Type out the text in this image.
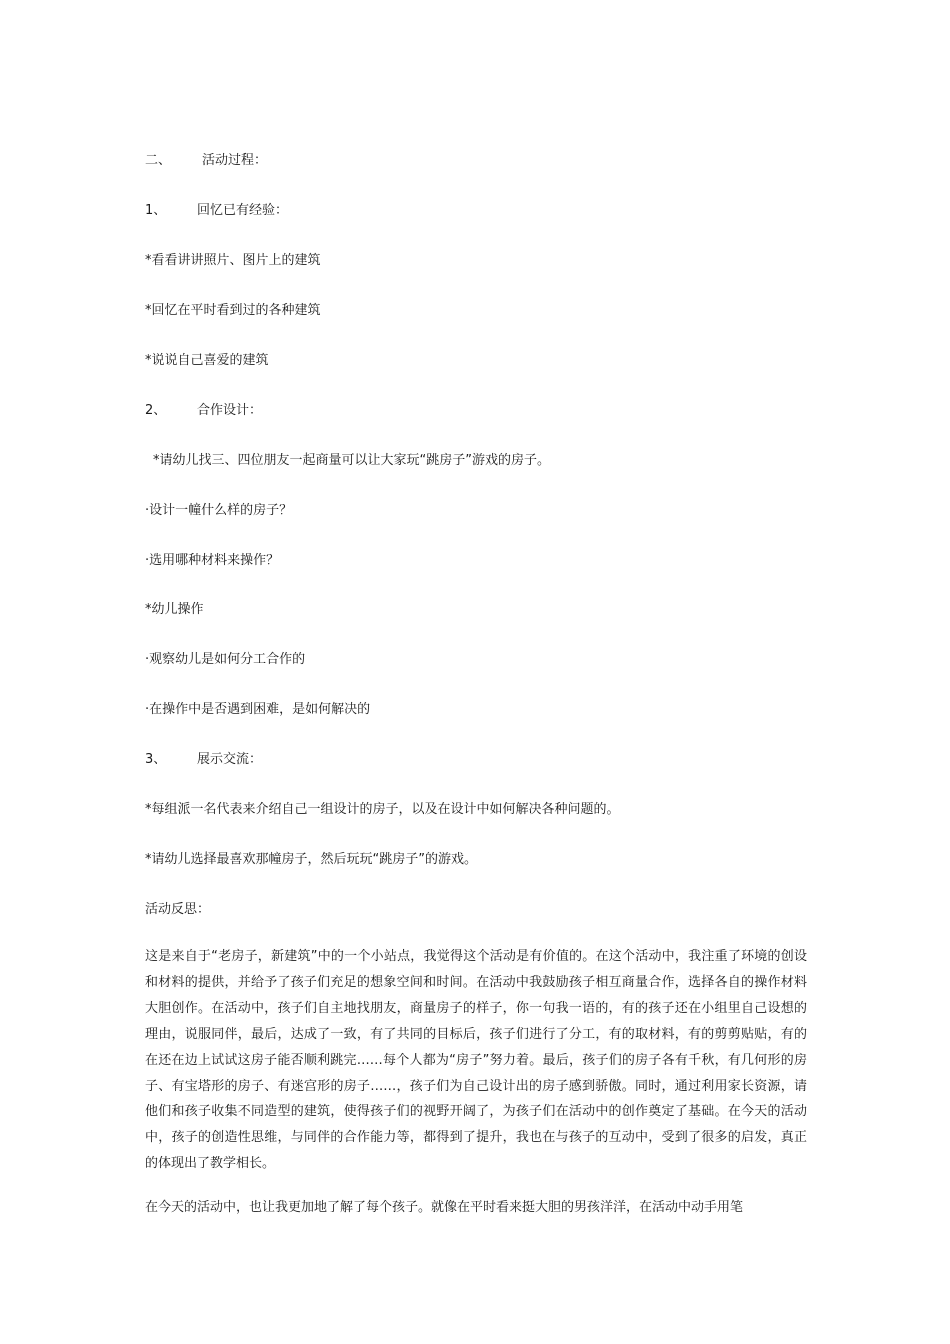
二、 活动过程：
1、 回忆已有经验：
*看看讲讲照片、图片上的建筑
*回忆在平时看到过的各种建筑
*说说自己喜爱的建筑
2、 合作设计：
*请幼儿找三、四位朋友一起商量可以让大家玩“跳房子”游戏的房子。
·设计一幢什么样的房子？
·选用哪种材料来操作？
*幼儿操作
·观察幼儿是如何分工合作的
·在操作中是否遇到困难，是如何解决的
3、 展示交流：
*每组派一名代表来介绍自己一组设计的房子，以及在设计中如何解决各种问题的。
*请幼儿选择最喜欢那幢房子，然后玩玩“跳房子”的游戏。
活动反思：
这是来自于“老房子，新建筑”中的一个小站点，我觉得这个活动是有价值的。在这个活动中，我注重了环境的创设和材料的提供，并给予了孩子们充足的想象空间和时间。在活动中我鼓励孩子相互商量合作，选择各自的操作材料大胆创作。在活动中，孩子们自主地找朋友，商量房子的样子，你一句我一语的，有的孩子还在小组里自己设想的理由，说服同伴，最后，达成了一致，有了共同的目标后，孩子们进行了分工，有的取材料，有的剪剪贴贴，有的在还在边上试试这房子能否顺利跳完……每个人都为“房子”努力着。最后，孩子们的房子各有千秋，有几何形的房子、有宝塔形的房子、有迷宫形的房子……，孩子们为自己设计出的房子感到骄傲。同时，通过利用家长资源，请他们和孩子收集不同造型的建筑，使得孩子们的视野开阔了，为孩子们在活动中的创作奠定了基础。在今天的活动中，孩子的创造性思维，与同伴的合作能力等，都得到了提升，我也在与孩子的互动中，受到了很多的启发，真正的体现出了教学相长。
在今天的活动中，也让我更加地了解了每个孩子。就像在平时看来挺大胆的男孩洋洋，在活动中动手用笔
